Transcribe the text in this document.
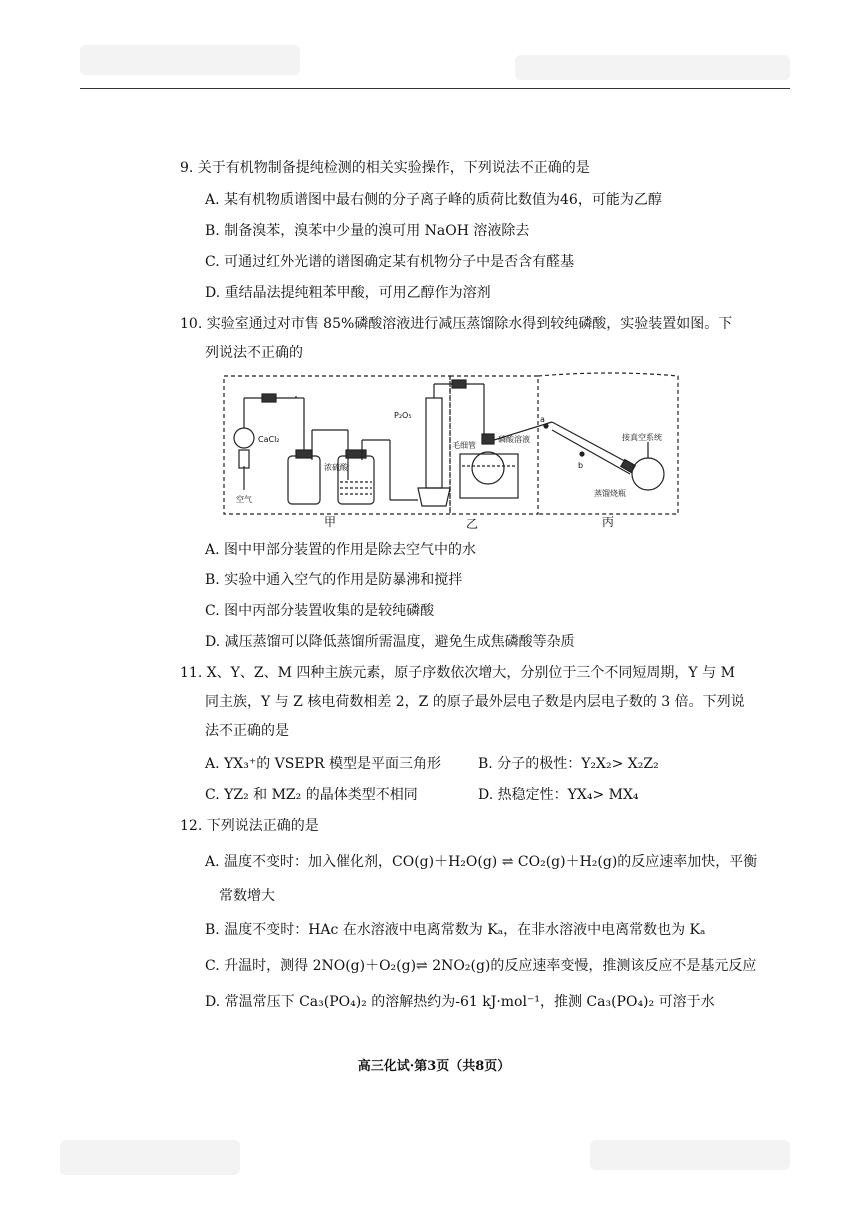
9. 关于有机物制备提纯检测的相关实验操作，下列说法不正确的是
A. 某有机物质谱图中最右侧的分子离子峰的质荷比数值为46，可能为乙醇
B. 制备溴苯，溴苯中少量的溴可用 NaOH 溶液除去
C. 可通过红外光谱的谱图确定某有机物分子中是否含有醛基
D. 重结晶法提纯粗苯甲酸，可用乙醇作为溶剂
10. 实验室通过对市售 85%磷酸溶液进行减压蒸馏除水得到较纯磷酸，实验装置如图。下
列说法不正确的
CaCl₂
空气
浓硫酸
P₂O₅
毛细管
磷酸溶液	接真空系统
蒸馏烧瓶
a
b
甲	乙	丙
A. 图中甲部分装置的作用是除去空气中的水
B. 实验中通入空气的作用是防暴沸和搅拌
C. 图中丙部分装置收集的是较纯磷酸
D. 减压蒸馏可以降低蒸馏所需温度，避免生成焦磷酸等杂质
11. X、Y、Z、M 四种主族元素，原子序数依次增大，分别位于三个不同短周期，Y 与 M
同主族，Y 与 Z 核电荷数相差 2，Z 的原子最外层电子数是内层电子数的 3 倍。下列说
法不正确的是
A. YX₃⁺的 VSEPR 模型是平面三角形	B. 分子的极性：Y₂X₂> X₂Z₂
C. YZ₂ 和 MZ₂ 的晶体类型不相同	D. 热稳定性：YX₄> MX₄
12. 下列说法正确的是
A. 温度不变时：加入催化剂，CO(g)＋H₂O(g) ⇌ CO₂(g)＋H₂(g)的反应速率加快，平衡
常数增大
B. 温度不变时：HAc 在水溶液中电离常数为 Kₐ，在非水溶液中电离常数也为 Kₐ
C. 升温时，测得 2NO(g)＋O₂(g)⇌ 2NO₂(g)的反应速率变慢，推测该反应不是基元反应
D. 常温常压下 Ca₃(PO₄)₂ 的溶解热约为-61 kJ·mol⁻¹，推测 Ca₃(PO₄)₂ 可溶于水
高三化试·第3页（共8页）
